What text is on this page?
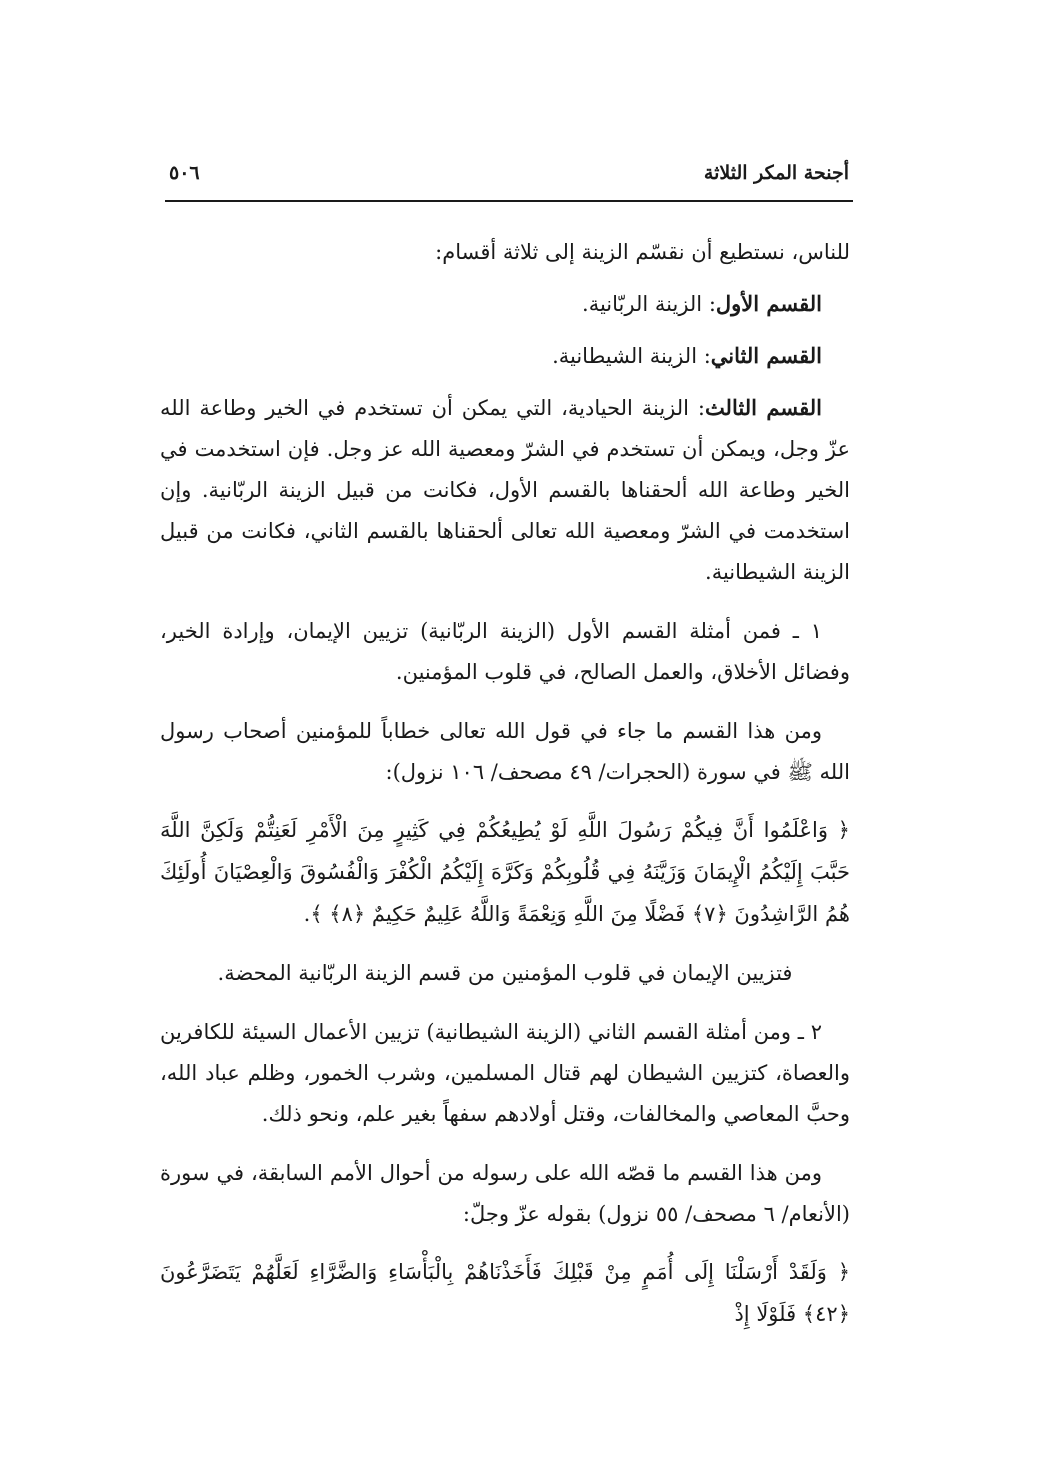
أجنحة المكر الثلاثة
٥٠٦

للناس، نستطيع أن نقسّم الزينة إلى ثلاثة أقسام:

القسم الأول: الزينة الربّانية.

القسم الثاني: الزينة الشيطانية.

القسم الثالث: الزينة الحيادية، التي يمكن أن تستخدم في الخير وطاعة الله عزّ وجل، ويمكن أن تستخدم في الشرّ ومعصية الله عز وجل. فإن استخدمت في الخير وطاعة الله ألحقناها بالقسم الأول، فكانت من قبيل الزينة الربّانية. وإن استخدمت في الشرّ ومعصية الله تعالى ألحقناها بالقسم الثاني، فكانت من قبيل الزينة الشيطانية.

١ ـ فمن أمثلة القسم الأول (الزينة الربّانية) تزيين الإيمان، وإرادة الخير، وفضائل الأخلاق، والعمل الصالح، في قلوب المؤمنين.

ومن هذا القسم ما جاء في قول الله تعالى خطاباً للمؤمنين أصحاب رسول الله ﷺ في سورة (الحجرات/ ٤٩ مصحف/ ١٠٦ نزول):

﴿ وَاعْلَمُوا أَنَّ فِيكُمْ رَسُولَ اللَّهِ لَوْ يُطِيعُكُمْ فِي كَثِيرٍ مِنَ الْأَمْرِ لَعَنِتُّمْ وَلَكِنَّ اللَّهَ حَبَّبَ إِلَيْكُمُ الْإِيمَانَ وَزَيَّنَهُ فِي قُلُوبِكُمْ وَكَرَّهَ إِلَيْكُمُ الْكُفْرَ وَالْفُسُوقَ وَالْعِصْيَانَ أُولَئِكَ هُمُ الرَّاشِدُونَ ﴿٧﴾ فَضْلًا مِنَ اللَّهِ وَنِعْمَةً وَاللَّهُ عَلِيمٌ حَكِيمٌ ﴿٨﴾ ﴾.

فتزيين الإيمان في قلوب المؤمنين من قسم الزينة الربّانية المحضة.

٢ ـ ومن أمثلة القسم الثاني (الزينة الشيطانية) تزيين الأعمال السيئة للكافرين والعصاة، كتزيين الشيطان لهم قتال المسلمين، وشرب الخمور، وظلم عباد الله، وحبَّ المعاصي والمخالفات، وقتل أولادهم سفهاً بغير علم، ونحو ذلك.

ومن هذا القسم ما قصّه الله على رسوله من أحوال الأمم السابقة، في سورة (الأنعام/ ٦ مصحف/ ٥٥ نزول) بقوله عزّ وجلّ:

﴿ وَلَقَدْ أَرْسَلْنَا إِلَى أُمَمٍ مِنْ قَبْلِكَ فَأَخَذْنَاهُمْ بِالْبَأْسَاءِ وَالضَّرَّاءِ لَعَلَّهُمْ يَتَضَرَّعُونَ ﴿٤٢﴾ فَلَوْلَا إِذْ
